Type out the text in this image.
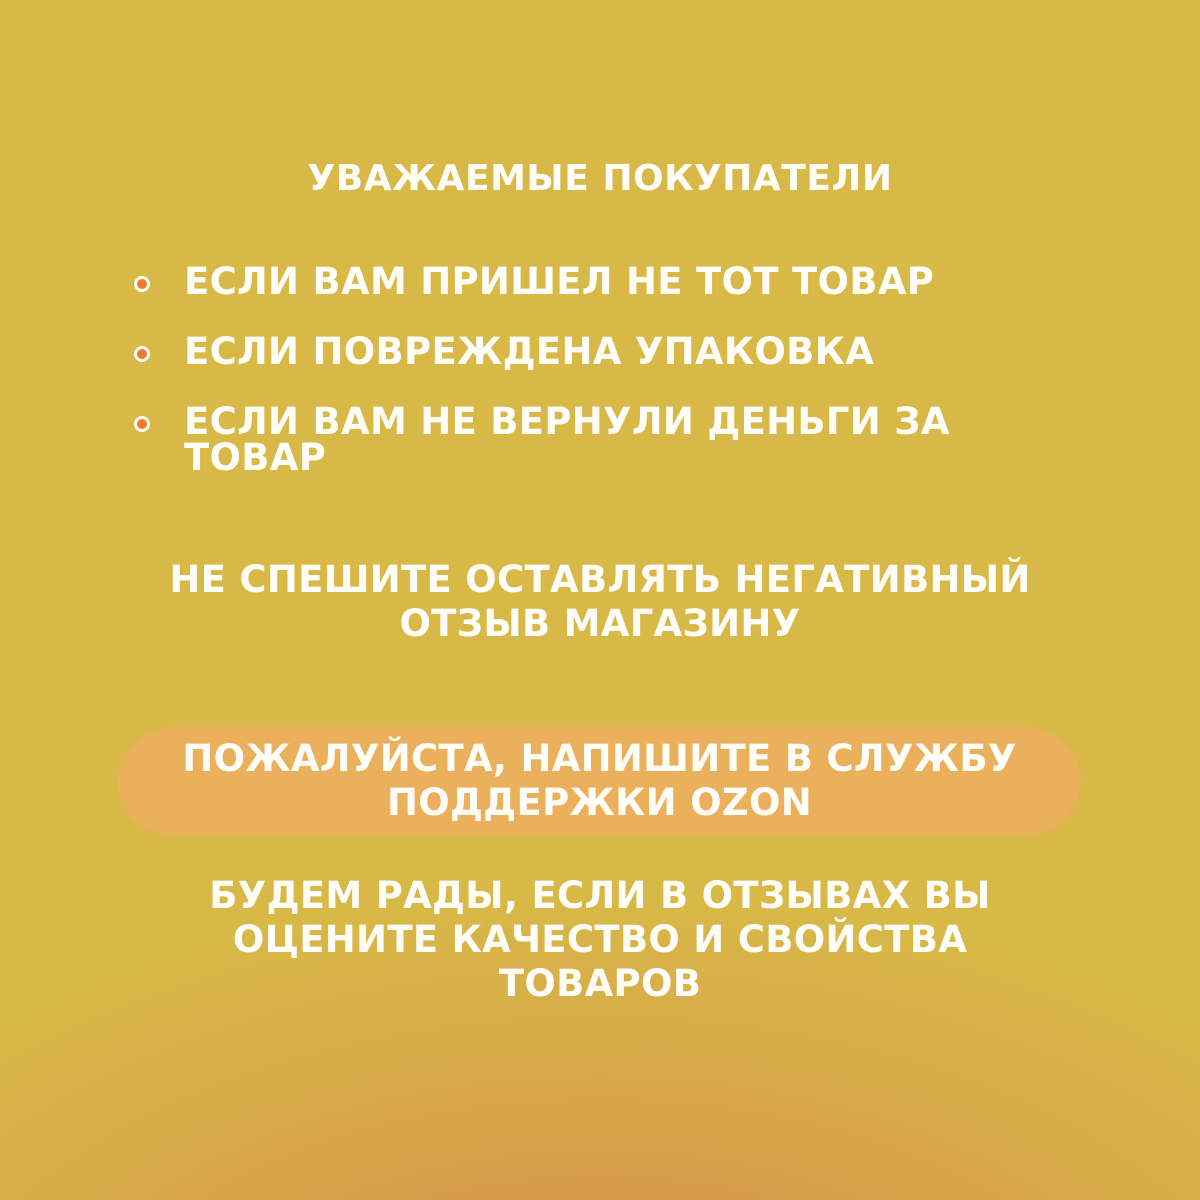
УВАЖАЕМЫЕ ПОКУПАТЕЛИ
ЕСЛИ ВАМ ПРИШЕЛ НЕ ТОТ ТОВАР
ЕСЛИ ПОВРЕЖДЕНА УПАКОВКА
ЕСЛИ ВАМ НЕ ВЕРНУЛИ ДЕНЬГИ ЗА
ТОВАР
НЕ СПЕШИТЕ ОСТАВЛЯТЬ НЕГАТИВНЫЙ
ОТЗЫВ МАГАЗИНУ
ПОЖАЛУЙСТА, НАПИШИТЕ В СЛУЖБУ
ПОДДЕРЖКИ OZON
БУДЕМ РАДЫ, ЕСЛИ В ОТЗЫВАХ ВЫ
ОЦЕНИТЕ КАЧЕСТВО И СВОЙСТВА
ТОВАРОВ
